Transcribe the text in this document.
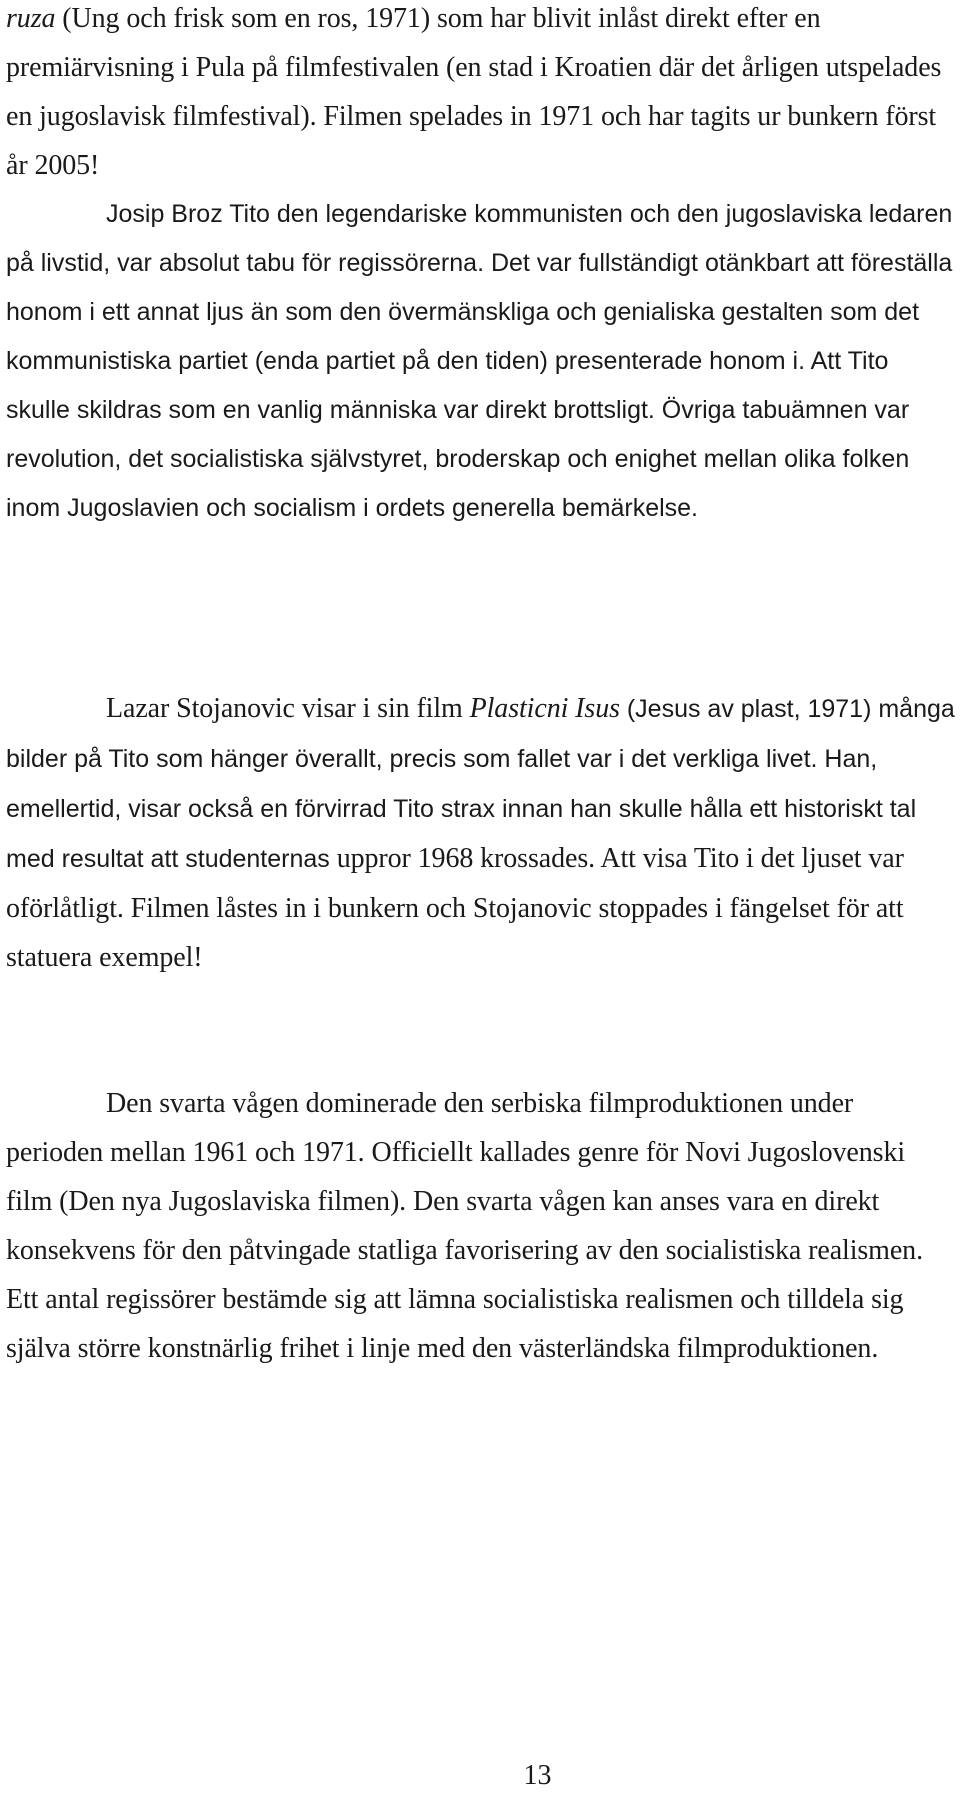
ruza (Ung och frisk som en ros, 1971) som har blivit inlåst direkt efter en premiärvisning i Pula på filmfestivalen (en stad i Kroatien där det årligen utspelades en jugoslavisk filmfestival). Filmen spelades in 1971 och har tagits ur bunkern först år 2005!

Josip Broz Tito den legendariske kommunisten och den jugoslaviska ledaren på livstid, var absolut tabu för regissörerna. Det var fullständigt otänkbart att föreställa honom i ett annat ljus än som den övermänskliga och genialiska gestalten som det kommunistiska partiet (enda partiet på den tiden) presenterade honom i. Att Tito skulle skildras som en vanlig människa var direkt brottsligt. Övriga tabuämnen var revolution, det socialistiska självstyret, broderskap och enighet mellan olika folken inom Jugoslavien och socialism i ordets generella bemärkelse.

Lazar Stojanovic visar i sin film Plasticni Isus (Jesus av plast, 1971) många bilder på Tito som hänger överallt, precis som fallet var i det verkliga livet. Han, emellertid, visar också en förvirrad Tito strax innan han skulle hålla ett historiskt tal med resultat att studenternas uppror 1968 krossades. Att visa Tito i det ljuset var oförlåtligt. Filmen låstes in i bunkern och Stojanovic stoppades i fängelset för att statuera exempel!

Den svarta vågen dominerade den serbiska filmproduktionen under perioden mellan 1961 och 1971. Officiellt kallades genre för Novi Jugoslovenski film (Den nya Jugoslaviska filmen). Den svarta vågen kan anses vara en direkt konsekvens för den påtvingade statliga favorisering av den socialistiska realismen. Ett antal regissörer bestämde sig att lämna socialistiska realismen och tilldela sig själva större konstnärlig frihet i linje med den västerländska filmproduktionen.

13
